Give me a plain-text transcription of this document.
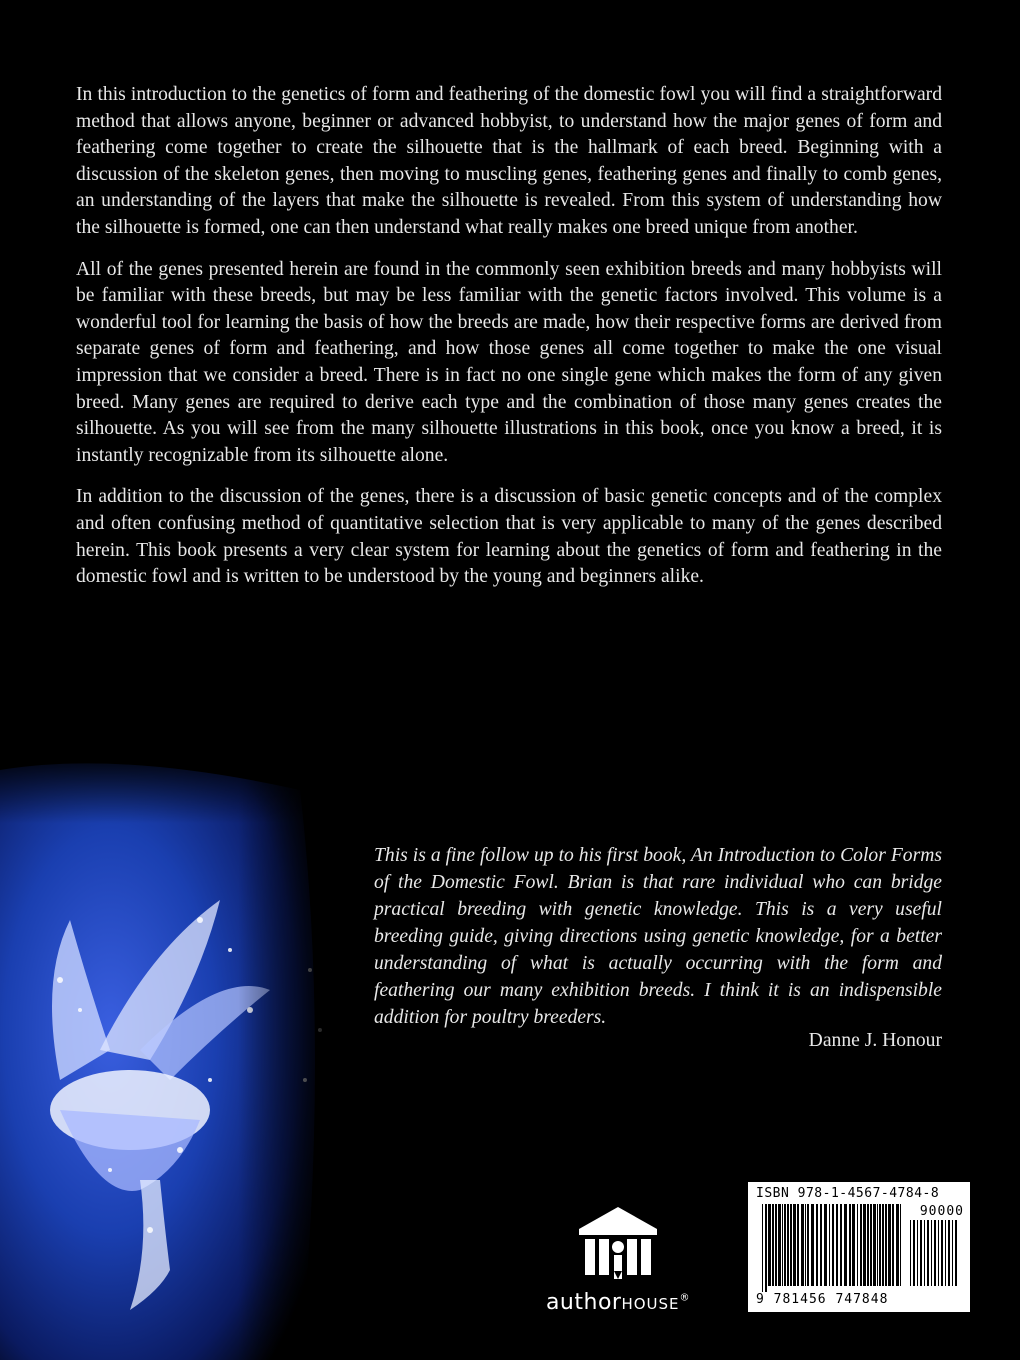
In this introduction to the genetics of form and feathering of the domestic fowl you will find a straightforward method that allows anyone, beginner or advanced hobbyist, to understand how the major genes of form and feathering come together to create the silhouette that is the hallmark of each breed. Beginning with a discussion of the skeleton genes, then moving to muscling genes, feathering genes and finally to comb genes, an understanding of the layers that make the silhouette is revealed. From this system of understanding how the silhouette is formed, one can then understand what really makes one breed unique from another.

All of the genes presented herein are found in the commonly seen exhibition breeds and many hobbyists will be familiar with these breeds, but may be less familiar with the genetic factors involved. This volume is a wonderful tool for learning the basis of how the breeds are made, how their respective forms are derived from separate genes of form and feathering, and how those genes all come together to make the one visual impression that we consider a breed. There is in fact no one single gene which makes the form of any given breed. Many genes are required to derive each type and the combination of those many genes creates the silhouette. As you will see from the many silhouette illustrations in this book, once you know a breed, it is instantly recognizable from its silhouette alone.

In addition to the discussion of the genes, there is a discussion of basic genetic concepts and of the complex and often confusing method of quantitative selection that is very applicable to many of the genes described herein. This book presents a very clear system for learning about the genetics of form and feathering in the domestic fowl and is written to be understood by the young and beginners alike.

This is a fine follow up to his first book, An Introduction to Color Forms of the Domestic Fowl. Brian is that rare individual who can bridge practical breeding with genetic knowledge. This is a very useful breeding guide, giving directions using genetic knowledge, for a better understanding of what is actually occurring with the form and feathering our many exhibition breeds. I think it is an indispensible addition for poultry breeders.
Danne J. Honour
authorHOUSE®
ISBN 978-1-4567-4784-8
90000
9 781456 747848
